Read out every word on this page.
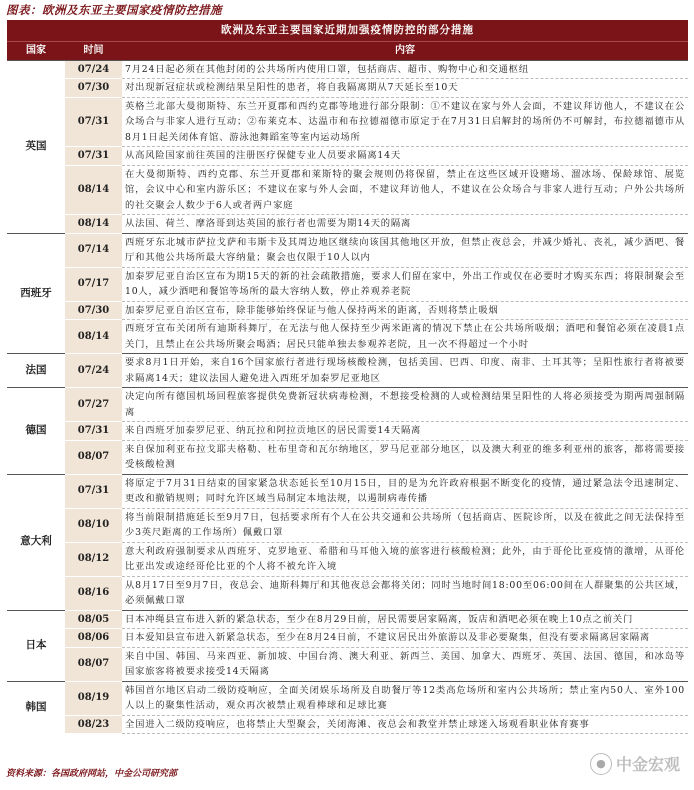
图表：欧洲及东亚主要国家疫情防控措施
欧洲及东亚主要国家近期加强疫情防控的部分措施		
国家	时间	内容
英国	07/24	7月24日起必须在其他封闭的公共场所内使用口罩，包括商店、超市、购物中心和交通枢纽
	07/30	对出现新冠症状或检测结果呈阳性的患者，将自我隔离期从7天延长至10天
	07/31	英格兰北部大曼彻斯特、东兰开夏郡和西约克郡等地进行部分限制：①不建议在家与外人会面，不建议拜访他人，不建议在公众场合与非家人进行互动；②布莱克本、达温市和布拉德福德市原定于在7月31日启解封的场所仍不可解封，布拉德福德市从8月1日起关闭体育馆、游泳池舞蹈室等室内运动场所
	07/31	从高风险国家前往英国的注册医疗保健专业人员要求隔离14天
	08/14	在大曼彻斯特、西约克郡、东兰开夏郡和莱斯特的聚会规则仍将保留，禁止在这些区域开设赌场、溜冰场、保龄球馆、展览馆，会议中心和室内游乐区；不建议在家与外人会面，不建议拜访他人，不建议在公众场合与非家人进行互动；户外公共场所的社交聚会人数少于6人或者两户家庭
	08/14	从法国、荷兰、摩洛哥到达英国的旅行者也需要为期14天的隔离
西班牙	07/14	西班牙东北城市萨拉戈萨和韦斯卡及其周边地区继续向该国其他地区开放，但禁止夜总会，并减少婚礼、丧礼，减少酒吧、餐厅和其他公共场所最大容纳量；聚会也仅限于10人以内
	07/17	加泰罗尼亚自治区宣布为期15天的新的社会疏散措施，要求人们留在家中，外出工作或仅在必要时才购买东西；将限制聚会至10人，减少酒吧和餐馆等场所的最大容纳人数，停止养观养老院
	07/30	加泰罗尼亚自治区宣布，除非能够始终保证与他人保持两米的距离，否则将禁止吸烟
	08/14	西班牙宣布关闭所有迪斯科舞厅，在无法与他人保持至少两米距离的情况下禁止在公共场所吸烟；酒吧和餐馆必须在凌晨1点关门，且禁止在公共场所聚会喝酒；居民只能单独去参观养老院，且一次不得超过一个小时
法国	07/24	要求8月1日开始，来自16个国家旅行者进行现场核酸检测，包括美国、巴西、印度、南非、土耳其等；呈阳性旅行者将被要求隔离14天；建议法国人避免进入西班牙加泰罗尼亚地区
德国	07/27	决定向所有德国机场回程旅客提供免费新冠状病毒检测，不想接受检测的人或检测结果呈阳性的人将必须接受为期两周强制隔离
	07/31	来自西班牙加泰罗尼亚、纳瓦拉和阿拉贡地区的居民需要14天隔离
	08/07	来自保加利亚布拉戈耶夫格勒、杜布里奇和瓦尔纳地区，罗马尼亚部分地区，以及澳大利亚的维多利亚州的旅客，都将需要接受核酸检测
意大利	07/31	将原定于7月31日结束的国家紧急状态延长至10月15日，目的是为允许政府根据不断变化的疫情，通过紧急法令迅速制定、更改和撤销规则；同时允许区域当局制定本地法规，以遏制病毒传播
	08/10	将当前限制措施延长至9月7日，包括要求所有个人在公共交通和公共场所（包括商店、医院诊所，以及在彼此之间无法保持至少3英尺距离的工作场所）佩戴口罩
	08/12	意大利政府强制要求从西班牙、克罗地亚、希腊和马耳他入境的旅客进行核酸检测；此外，由于哥伦比亚疫情的激增，从哥伦比亚出发或途经哥伦比亚的个人将不被允许入境
	08/16	从8月17日至9月7日，夜总会、迪斯科舞厅和其他夜总会都将关闭；同时当地时间18:00至06:00间在人群聚集的公共区域，必须佩戴口罩
日本	08/05	日本冲绳县宣布进入新的紧急状态，至少在8月29日前，居民需要居家隔离，饭店和酒吧必须在晚上10点之前关门
	08/06	日本爱知县宣布进入新紧急状态，至少在8月24日前，不建议居民出外旅游以及非必要聚集，但没有要求隔离居家隔离
	08/07	来自中国、韩国、马来西亚、新加坡、中国台湾、澳大利亚、新西兰、美国、加拿大、西班牙、英国、法国、德国，和冰岛等国家旅客将被要求接受14天隔离
韩国	08/19	韩国首尔地区启动二级防疫响应，全面关闭娱乐场所及自助餐厅等12类高危场所和室内公共场所；禁止室内50人、室外100人以上的聚集性活动，观众再次被禁止观看棒球和足球比赛
	08/23	全国进入二级防疫响应，也将禁止大型聚会，关闭海滩、夜总会和教堂并禁止球迷入场观看职业体育赛事
资料来源：各国政府网站，中金公司研究部
● 中金宏观
